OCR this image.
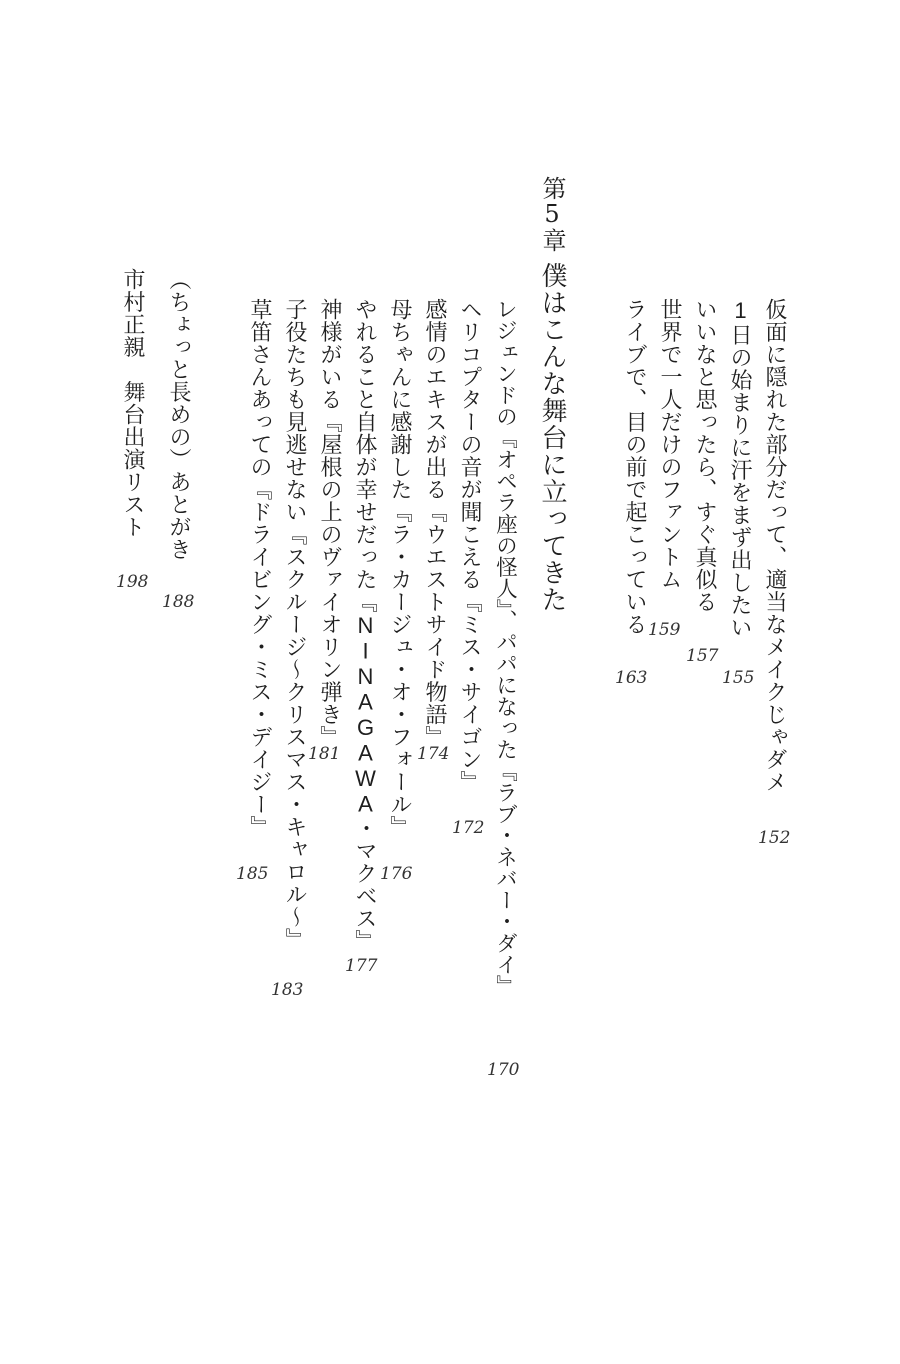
仮面に隠れた部分だって、適当なメイクじゃダメ
152
1日の始まりに汗をまず出したい
155
いいなと思ったら、すぐ真似る
157
世界で一人だけのファントム
159
ライブで、目の前で起こっている
163
第5章
僕はこんな舞台に立ってきた
レジェンドの『オペラ座の怪人』、パパになった『ラブ・ネバー・ダイ』
170
ヘリコプターの音が聞こえる『ミス・サイゴン』
172
感情のエキスが出る『ウエストサイド物語』
174
母ちゃんに感謝した『ラ・カージュ・オ・フォール』
176
やれること自体が幸せだった『NINAGAWA・マクベス』
177
神様がいる『屋根の上のヴァイオリン弾き』
181
子役たちも見逃せない『スクルージ～クリスマス・キャロル～』
183
草笛さんあっての『ドライビング・ミス・デイジー』
185
（ちょっと長めの）あとがき
188
市村正親　舞台出演リスト
198
